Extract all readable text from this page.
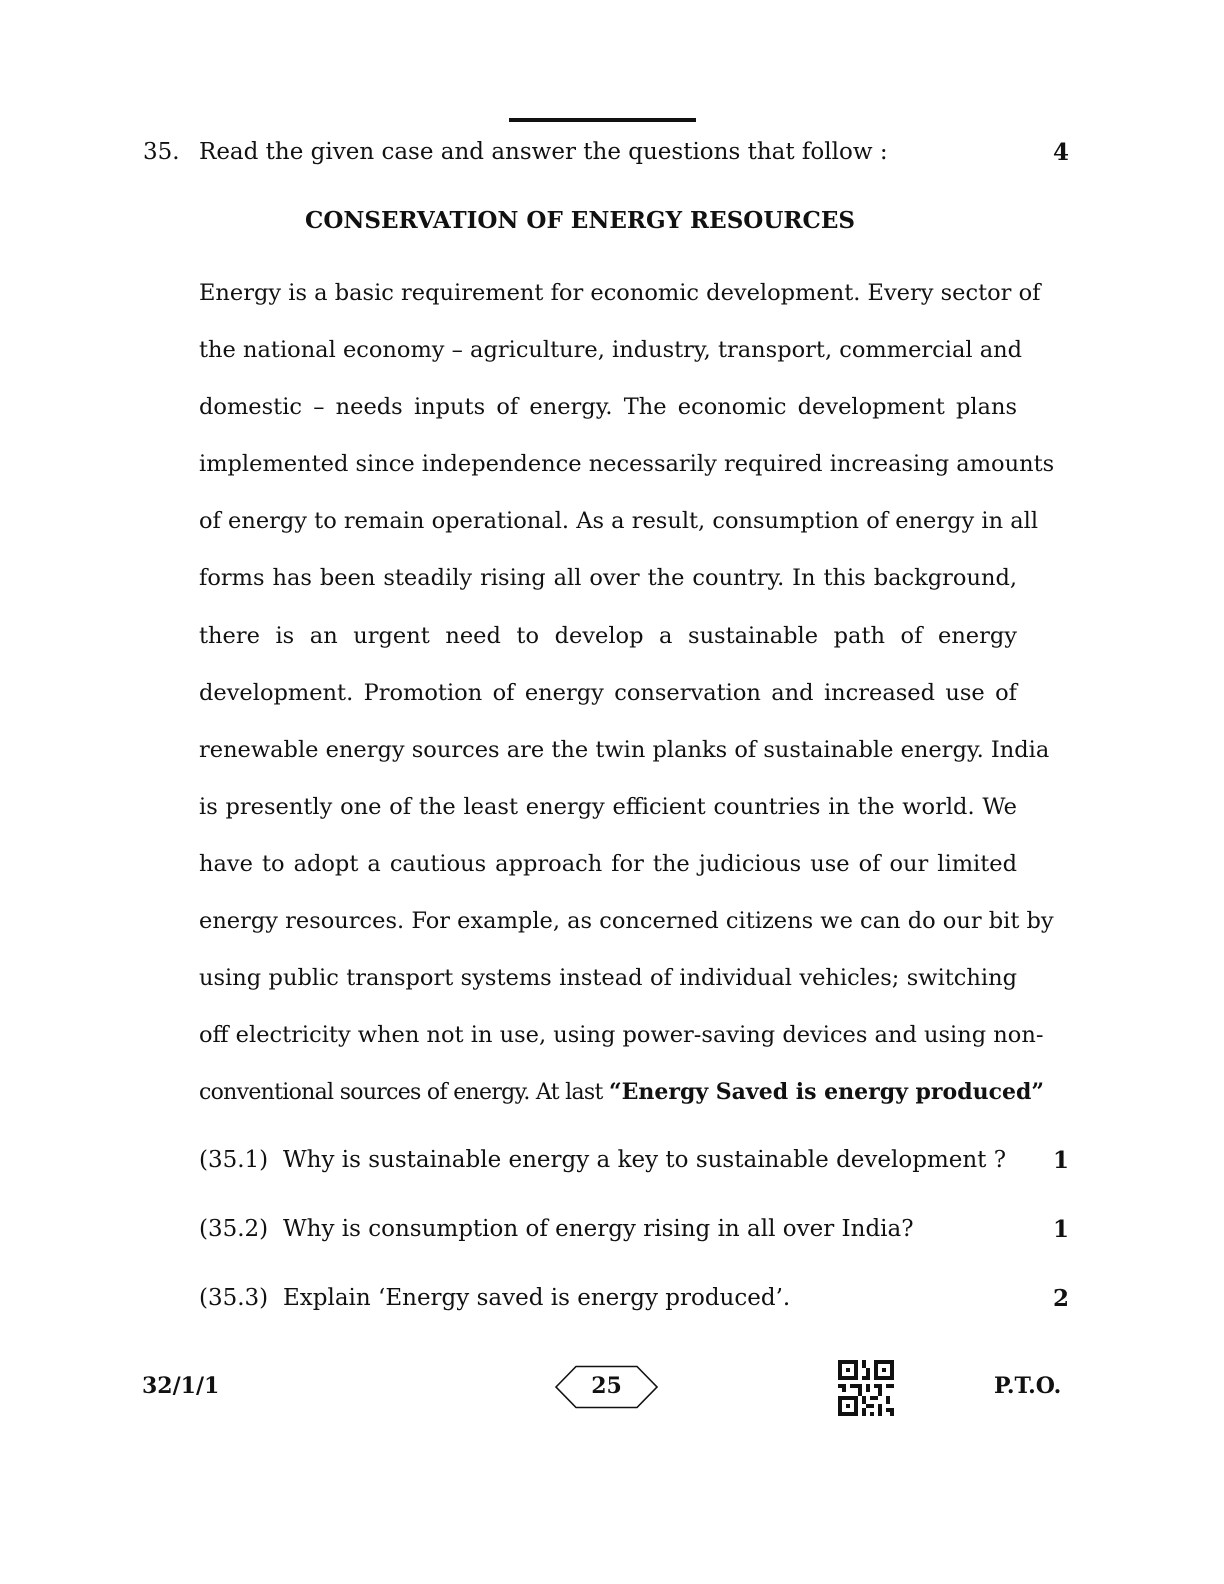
35. Read the given case and answer the questions that follow :	4
CONSERVATION OF ENERGY RESOURCES
Energy is a basic requirement for economic development. Every sector of
the national economy – agriculture, industry, transport, commercial and
domestic – needs inputs of energy. The economic development plans
implemented since independence necessarily required increasing amounts
of energy to remain operational. As a result, consumption of energy in all
forms has been steadily rising all over the country. In this background,
there is an urgent need to develop a sustainable path of energy
development. Promotion of energy conservation and increased use of
renewable energy sources are the twin planks of sustainable energy. India
is presently one of the least energy efficient countries in the world. We
have to adopt a cautious approach for the judicious use of our limited
energy resources. For example, as concerned citizens we can do our bit by
using public transport systems instead of individual vehicles; switching
off electricity when not in use, using power-saving devices and using non-
conventional sources of energy. At last “Energy Saved is energy produced”
(35.1) Why is sustainable energy a key to sustainable development ? 1
(35.2) Why is consumption of energy rising in all over India?	1
(35.3) Explain ‘Energy saved is energy produced’.	2
32/1/1	25	P.T.O.
